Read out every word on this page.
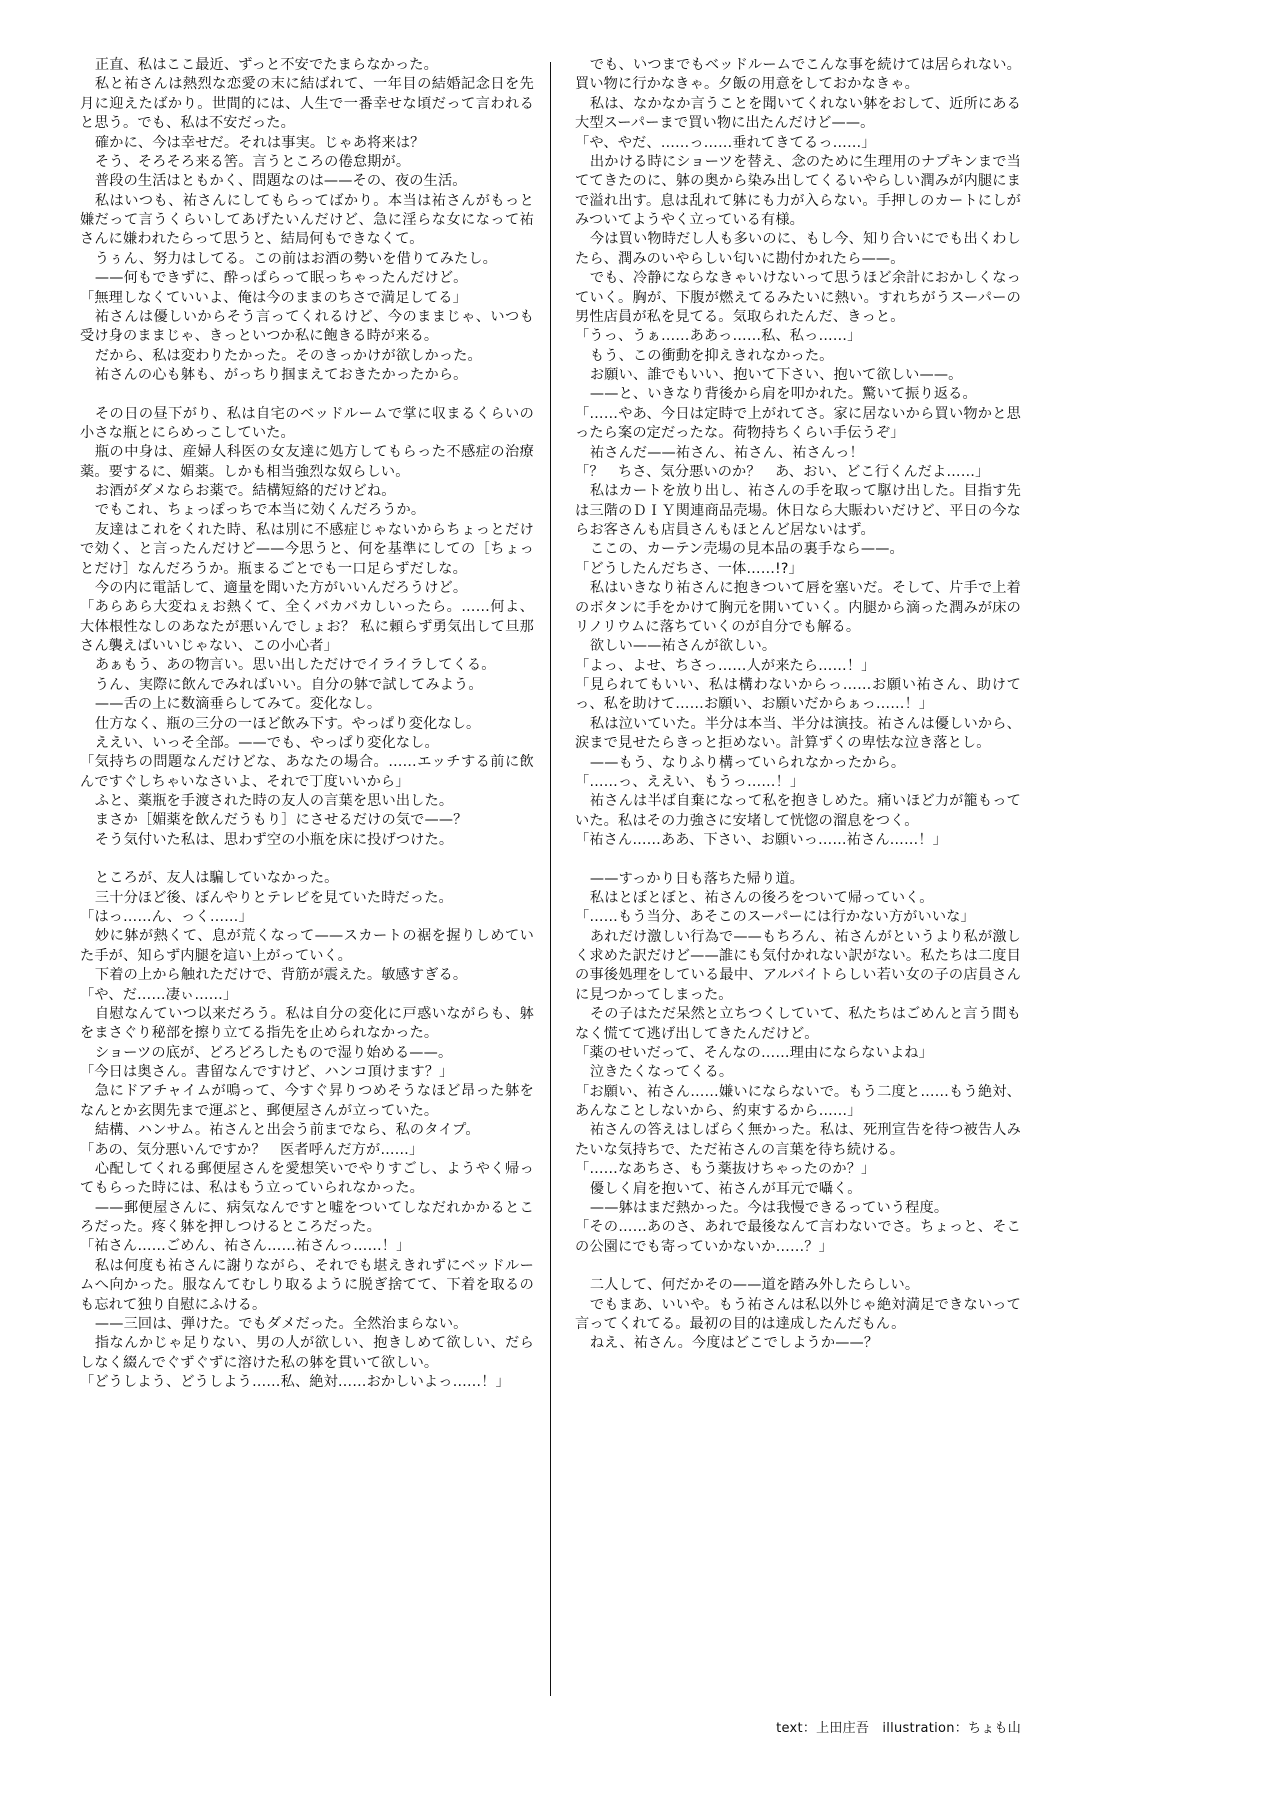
正直、私はここ最近、ずっと不安でたまらなかった。

私と祐さんは熱烈な恋愛の末に結ばれて、一年目の結婚記念日を先月に迎えたばかり。世間的には、人生で一番幸せな頃だって言われると思う。でも、私は不安だった。

確かに、今は幸せだ。それは事実。じゃあ将来は？

そう、そろそろ来る筈。言うところの倦怠期が。

普段の生活はともかく、問題なのは——その、夜の生活。

私はいつも、祐さんにしてもらってばかり。本当は祐さんがもっと嫌だって言うくらいしてあげたいんだけど、急に淫らな女になって祐さんに嫌われたらって思うと、結局何もできなくて。

うぅん、努力はしてる。この前はお酒の勢いを借りてみたし。

——何もできずに、酔っぱらって眠っちゃったんだけど。

「無理しなくていいよ、俺は今のままのちさで満足してる」

祐さんは優しいからそう言ってくれるけど、今のままじゃ、いつも受け身のままじゃ、きっといつか私に飽きる時が来る。

だから、私は変わりたかった。そのきっかけが欲しかった。

祐さんの心も躰も、がっちり掴まえておきたかったから。

その日の昼下がり、私は自宅のベッドルームで掌に収まるくらいの小さな瓶とにらめっこしていた。

瓶の中身は、産婦人科医の女友達に処方してもらった不感症の治療薬。要するに、媚薬。しかも相当強烈な奴らしい。

お酒がダメならお薬で。結構短絡的だけどね。

でもこれ、ちょっぽっちで本当に効くんだろうか。

友達はこれをくれた時、私は別に不感症じゃないからちょっとだけで効く、と言ったんだけど——今思うと、何を基準にしての［ちょっとだけ］なんだろうか。瓶まるごとでも一口足らずだしな。

今の内に電話して、適量を聞いた方がいいんだろうけど。

「あらあら大変ねぇお熱くて、全くバカバカしいったら。……何よ、大体根性なしのあなたが悪いんでしょお？ 私に頼らず勇気出して旦那さん襲えばいいじゃない、この小心者」

あぁもう、あの物言い。思い出しただけでイライラしてくる。

うん、実際に飲んでみればいい。自分の躰で試してみよう。

——舌の上に数滴垂らしてみて。変化なし。

仕方なく、瓶の三分の一ほど飲み下す。やっぱり変化なし。

ええい、いっそ全部。——でも、やっぱり変化なし。

「気持ちの問題なんだけどな、あなたの場合。……エッチする前に飲んですぐしちゃいなさいよ、それで丁度いいから」

ふと、薬瓶を手渡された時の友人の言葉を思い出した。

まさか［媚薬を飲んだうもり］にさせるだけの気で——？

そう気付いた私は、思わず空の小瓶を床に投げつけた。

ところが、友人は騙していなかった。

三十分ほど後、ぼんやりとテレビを見ていた時だった。

「はっ……ん、っく……」

妙に躰が熱くて、息が荒くなって——スカートの裾を握りしめていた手が、知らず内腿を這い上がっていく。

下着の上から触れただけで、背筋が震えた。敏感すぎる。

「や、だ……凄ぃ……」

自慰なんていつ以来だろう。私は自分の変化に戸惑いながらも、躰をまさぐり秘部を擦り立てる指先を止められなかった。

ショーツの底が、どろどろしたもので湿り始める——。

「今日は奥さん。書留なんですけど、ハンコ頂けます？」

急にドアチャイムが鳴って、今すぐ昇りつめそうなほど昂った躰をなんとか玄関先まで運ぶと、郵便屋さんが立っていた。

結構、ハンサム。祐さんと出会う前までなら、私のタイプ。

「あの、気分悪いんですか？　医者呼んだ方が……」

心配してくれる郵便屋さんを愛想笑いでやりすごし、ようやく帰ってもらった時には、私はもう立っていられなかった。

——郵便屋さんに、病気なんですと嘘をついてしなだれかかるところだった。疼く躰を押しつけるところだった。

「祐さん……ごめん、祐さん……祐さんっ……！」

私は何度も祐さんに謝りながら、それでも堪えきれずにベッドルームへ向かった。服なんてむしり取るように脱ぎ捨てて、下着を取るのも忘れて独り自慰にふける。

——三回は、弾けた。でもダメだった。全然治まらない。

指なんかじゃ足りない、男の人が欲しい、抱きしめて欲しい、だらしなく綴んでぐずぐずに溶けた私の躰を貫いて欲しい。

「どうしよう、どうしよう……私、絶対……おかしいよっ……！」

でも、いつまでもベッドルームでこんな事を続けては居られない。買い物に行かなきゃ。夕飯の用意をしておかなきゃ。

私は、なかなか言うことを聞いてくれない躰をおして、近所にある大型スーパーまで買い物に出たんだけど——。

「や、やだ、……っ……垂れてきてるっ……」

出かける時にショーツを替え、念のために生理用のナプキンまで当ててきたのに、躰の奥から染み出してくるいやらしい潤みが内腿にまで溢れ出す。息は乱れて躰にも力が入らない。手押しのカートにしがみついてようやく立っている有様。

今は買い物時だし人も多いのに、もし今、知り合いにでも出くわしたら、潤みのいやらしい匂いに勘付かれたら——。

でも、冷静にならなきゃいけないって思うほど余計におかしくなっていく。胸が、下腹が燃えてるみたいに熱い。すれちがうスーパーの男性店員が私を見てる。気取られたんだ、きっと。

「うっ、うぁ……ああっ……私、私っ……」

もう、この衝動を抑えきれなかった。

お願い、誰でもいい、抱いて下さい、抱いて欲しい——。

——と、いきなり背後から肩を叩かれた。驚いて振り返る。

「……やあ、今日は定時で上がれてさ。家に居ないから買い物かと思ったら案の定だったな。荷物持ちくらい手伝うぞ」

祐さんだ——祐さん、祐さん、祐さんっ！

「？　ちさ、気分悪いのか？　あ、おい、どこ行くんだよ……」

私はカートを放り出し、祐さんの手を取って駆け出した。目指す先は三階のＤＩＹ関連商品売場。休日なら大賑わいだけど、平日の今ならお客さんも店員さんもほとんど居ないはず。

ここの、カーテン売場の見本品の裏手なら——。

「どうしたんだちさ、一体……!?」

私はいきなり祐さんに抱きついて唇を塞いだ。そして、片手で上着のボタンに手をかけて胸元を開いていく。内腿から滴った潤みが床のリノリウムに落ちていくのが自分でも解る。

欲しい——祐さんが欲しい。

「よっ、よせ、ちさっ……人が来たら……！」

「見られてもいい、私は構わないからっ……お願い祐さん、助けてっ、私を助けて……お願い、お願いだからぁっ……！」

私は泣いていた。半分は本当、半分は演技。祐さんは優しいから、涙まで見せたらきっと拒めない。計算ずくの卑怯な泣き落とし。

——もう、なりふり構っていられなかったから。

「……っ、ええい、もうっ……！」

祐さんは半ば自棄になって私を抱きしめた。痛いほど力が籠もっていた。私はその力強さに安堵して恍惚の溜息をつく。

「祐さん……ああ、下さい、お願いっ……祐さん……！」

——すっかり日も落ちた帰り道。

私はとぼとぼと、祐さんの後ろをついて帰っていく。

「……もう当分、あそこのスーパーには行かない方がいいな」

あれだけ激しい行為で——もちろん、祐さんがというより私が激しく求めた訳だけど——誰にも気付かれない訳がない。私たちは二度目の事後処理をしている最中、アルバイトらしい若い女の子の店員さんに見つかってしまった。

その子はただ呆然と立ちつくしていて、私たちはごめんと言う間もなく慌てて逃げ出してきたんだけど。

「薬のせいだって、そんなの……理由にならないよね」

泣きたくなってくる。

「お願い、祐さん……嫌いにならないで。もう二度と……もう絶対、あんなことしないから、約束するから……」

祐さんの答えはしばらく無かった。私は、死刑宣告を待つ被告人みたいな気持ちで、ただ祐さんの言葉を待ち続ける。

「……なあちさ、もう薬抜けちゃったのか？」

優しく肩を抱いて、祐さんが耳元で囁く。

——躰はまだ熱かった。今は我慢できるっていう程度。

「その……あのさ、あれで最後なんて言わないでさ。ちょっと、そこの公園にでも寄っていかないか……？」

二人して、何だかその——道を踏み外したらしい。

でもまあ、いいや。もう祐さんは私以外じゃ絶対満足できないって言ってくれてる。最初の目的は達成したんだもん。

ねえ、祐さん。今度はどこでしようか——？

text：上田庄吾　illustration：ちょも山
